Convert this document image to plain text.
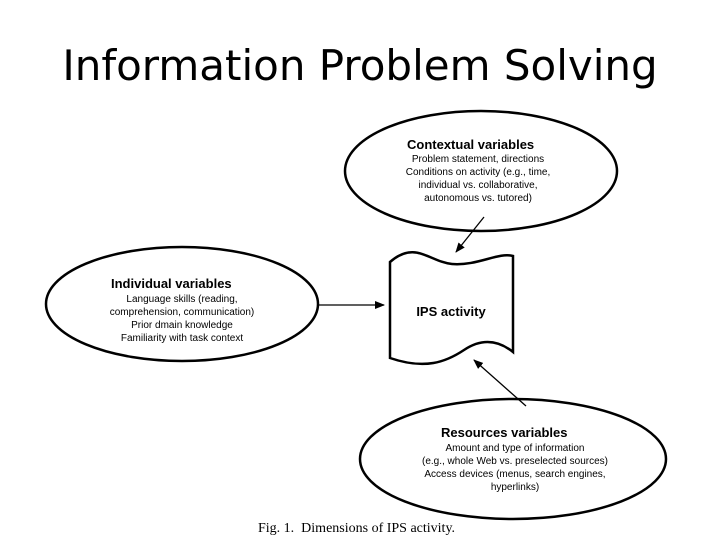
Information Problem Solving
Contextual variables
Problem statement, directions
Conditions on activity (e.g., time,
individual vs. collaborative,
autonomous vs. tutored)
Individual variables
Language skills (reading,
comprehension, communication)
Prior dmain knowledge
Familiarity with task context
IPS activity
Resources variables
Amount and type of information
(e.g., whole Web vs. preselected sources)
Access devices (menus, search engines,
hyperlinks)
Fig. 1.  Dimensions of IPS activity.
